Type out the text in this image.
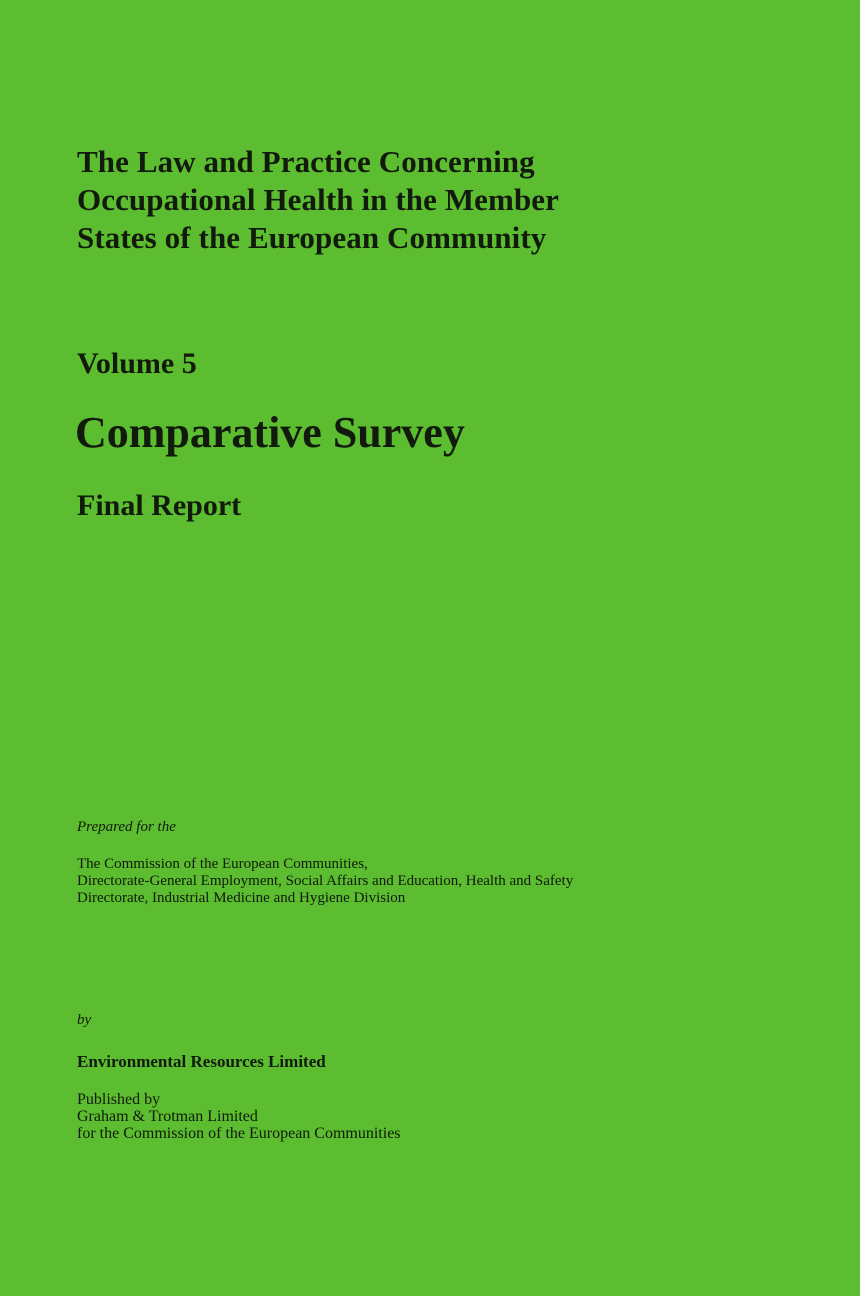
The Law and Practice Concerning
Occupational Health in the Member
States of the European Community
Volume 5
Comparative Survey
Final Report
Prepared for the
The Commission of the European Communities,
Directorate-General Employment, Social Affairs and Education, Health and Safety
Directorate, Industrial Medicine and Hygiene Division
by
Environmental Resources Limited
Published by
Graham & Trotman Limited
for the Commission of the European Communities
